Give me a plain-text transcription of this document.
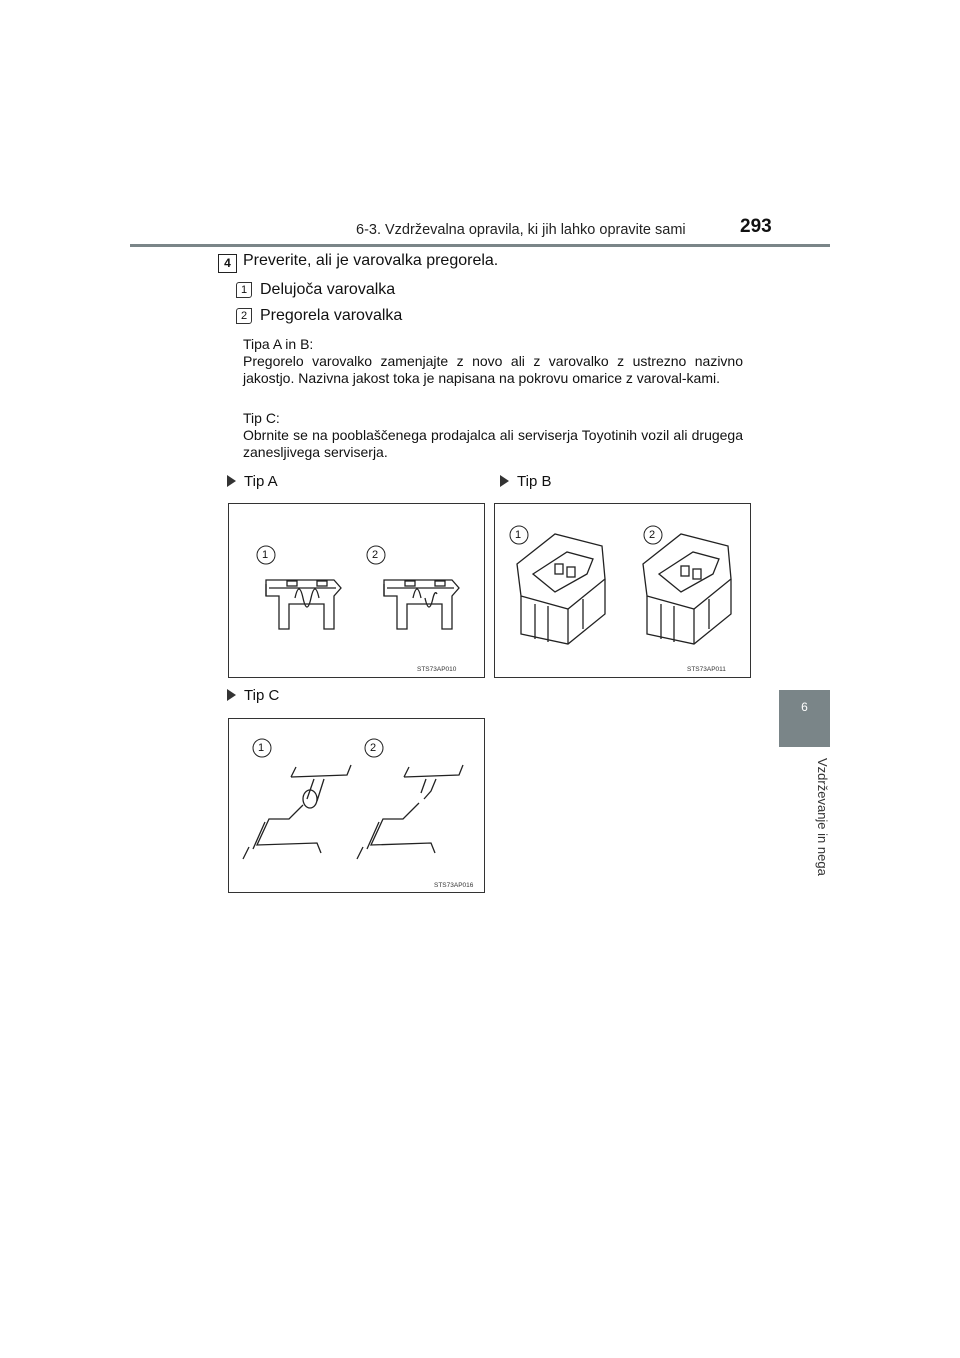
6-3. Vzdrževalna opravila, ki jih lahko opravite sami	293
6
Vzdrževanje in nega
4 Preverite, ali je varovalka pregorela.
1 Delujoča varovalka
2 Pregorela varovalka
Tipa A in B:
Pregorelo varovalko zamenjajte z novo ali z varovalko z ustrezno nazivno jakostjo. Nazivna jakost toka je napisana na pokrovu omarice z varoval-kami.
Tip C:
Obrnite se na pooblaščenega prodajalca ali serviserja Toyotinih vozil ali drugega zanesljivega serviserja.
Tip A	Tip B
Tip C
1	2
STS73AP010
1	2
STS73AP011
1	2
STS73AP016
